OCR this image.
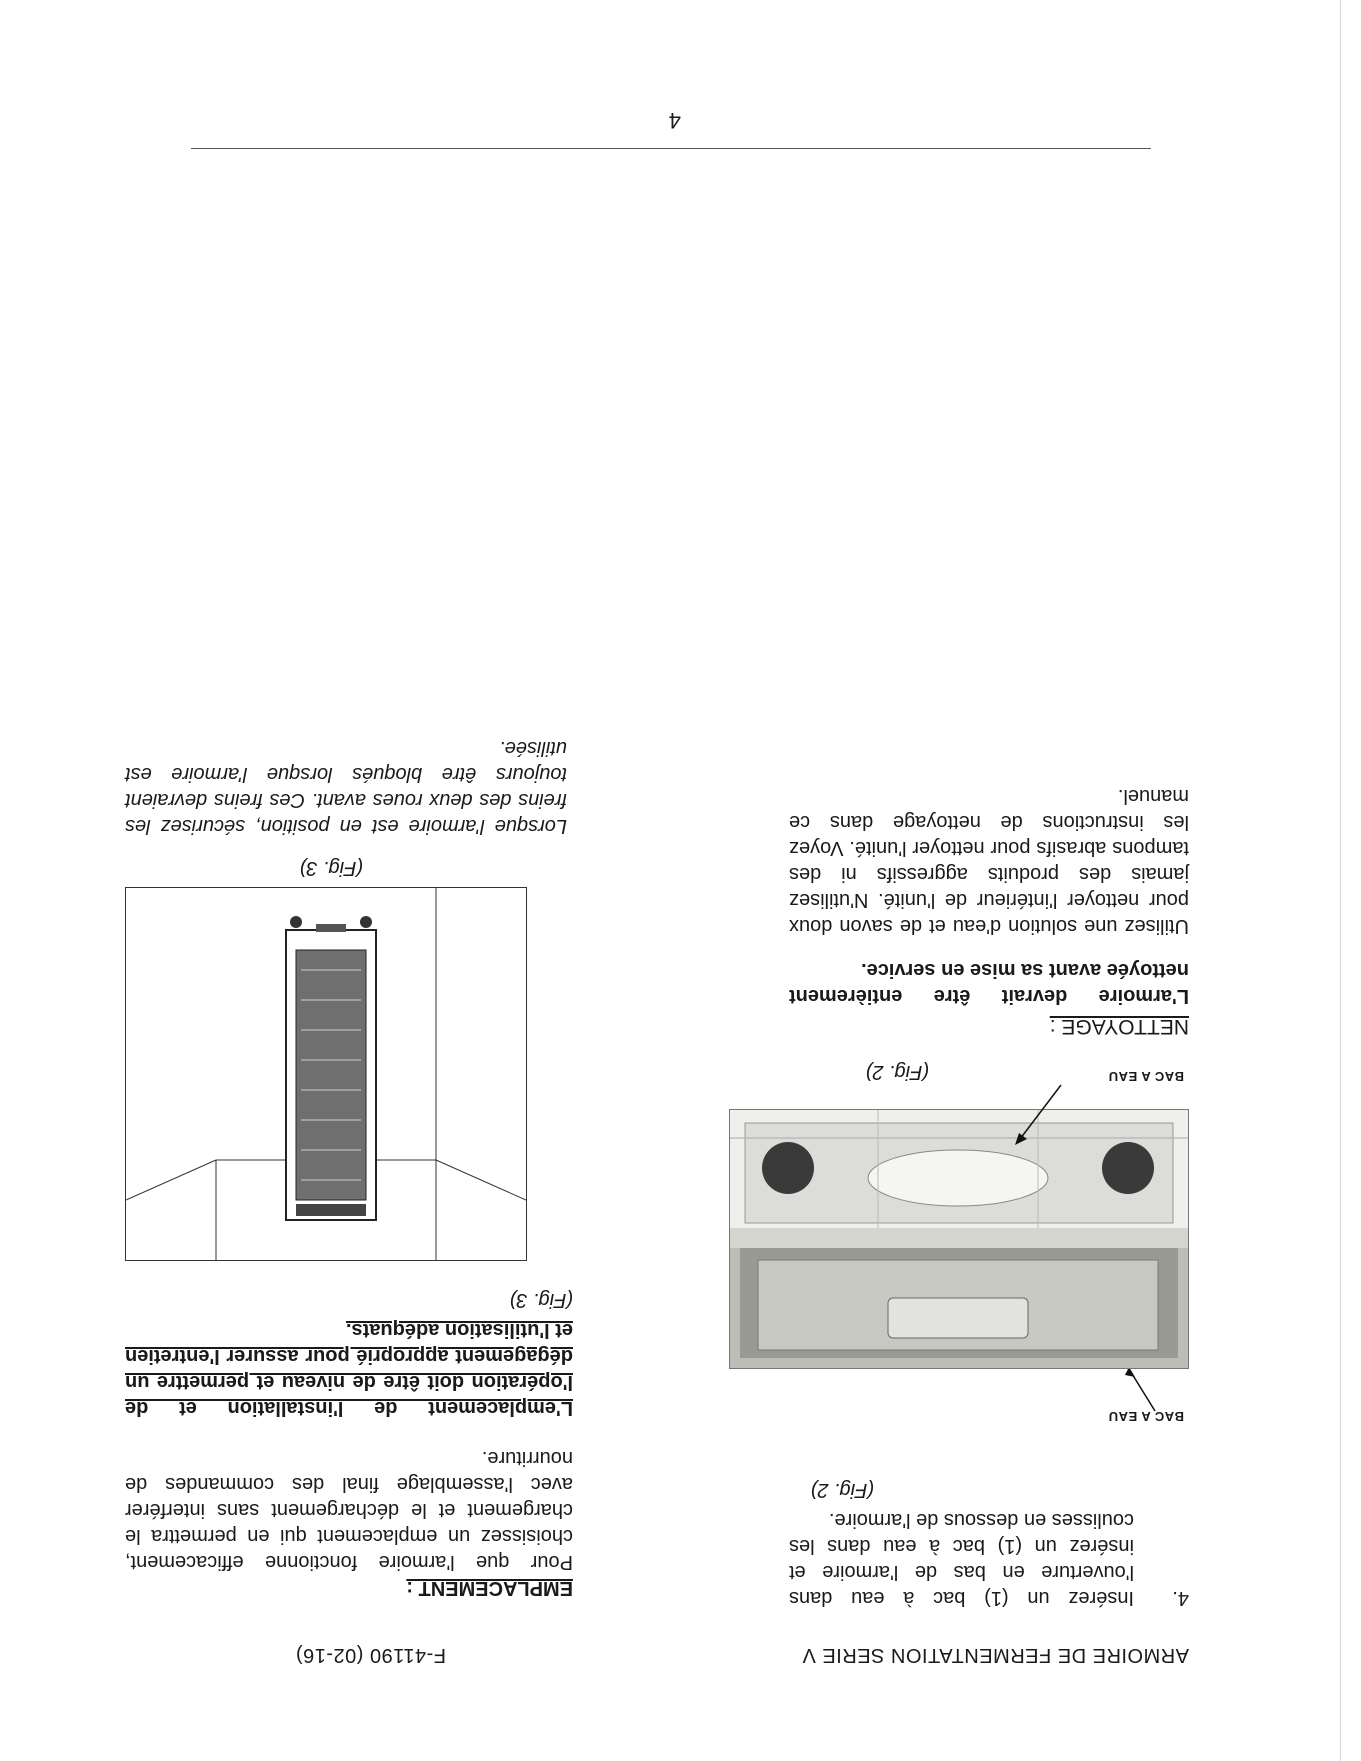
ARMOIRE DE FERMENTATION SERIE V
F-41190 (02-16)
4.

Insérez un (1) bac à eau dans l'ouverture en bas de l'armoire et insérez un (1) bac à eau dans les coulisses en dessous de l'armoire.

(Fig. 2)

BAC A EAU
BAC A EAU
(Fig. 2)

NETTOYAGE :

L'armoire devrait être entièrement nettoyée avant sa mise en service.

Utilisez une solution d'eau et de savon doux pour nettoyer l'intérieur de l'unité. N'utilisez jamais des produits aggressifs ni des tampons abrasifs pour nettoyer l'unité. Voyez les instructions de nettoyage dans ce manuel.

EMPLACEMENT :

Pour que l'armoire fonctionne efficacement, choisissez un emplacement qui en permettra le chargement et le déchargement sans interférer avec l'assemblage final des commandes de nourriture.

L'emplacement de l'installation et de l'opération doit être de niveau et permettre un dégagement approprié pour assurer l'entretien et l'utilisation adéquats.

(Fig. 3)

(Fig. 3)

Lorsque l'armoire est en position, sécurisez les freins des deux roues avant. Ces freins devraient toujours être bloqués lorsque l'armoire est utilisée.

4
